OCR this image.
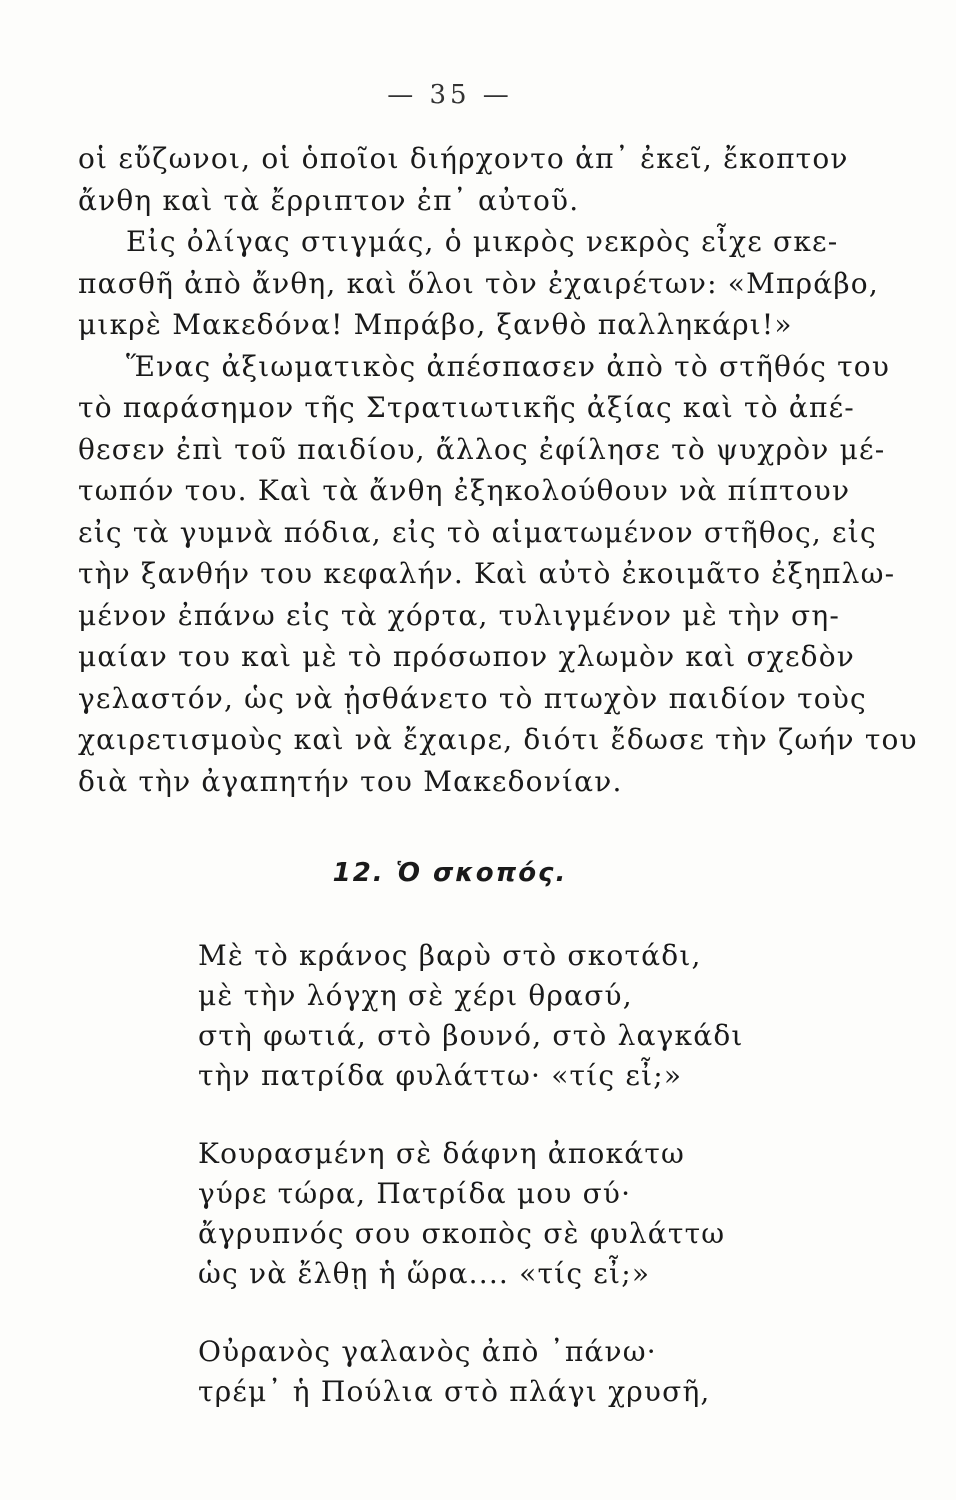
— 35 —
οἱ εὔζωνοι, οἱ ὁποῖοι διήρχοντο ἀπ᾽ ἐκεῖ, ἔκοπτον
ἄνθη καὶ τὰ ἔρριπτον ἐπ᾽ αὐτοῦ.
Εἰς ὀλίγας στιγμάς, ὁ μικρὸς νεκρὸς εἶχε σκε-
πασθῆ ἀπὸ ἄνθη, καὶ ὅλοι τὸν ἐχαιρέτων: «Μπράβο,
μικρὲ Μακεδόνα! Μπράβο, ξανθὸ παλληκάρι!»
Ἕνας ἀξιωματικὸς ἀπέσπασεν ἀπὸ τὸ στῆθός του
τὸ παράσημον τῆς Στρατιωτικῆς ἀξίας καὶ τὸ ἀπέ-
θεσεν ἐπὶ τοῦ παιδίου, ἄλλος ἐφίλησε τὸ ψυχρὸν μέ-
τωπόν του. Καὶ τὰ ἄνθη ἐξηκολούθουν νὰ πίπτουν
εἰς τὰ γυμνὰ πόδια, εἰς τὸ αἱματωμένον στῆθος, εἰς
τὴν ξανθήν του κεφαλήν. Καὶ αὐτὸ ἐκοιμᾶτο ἐξηπλω-
μένον ἐπάνω εἰς τὰ χόρτα, τυλιγμένον μὲ τὴν ση-
μαίαν του καὶ μὲ τὸ πρόσωπον χλωμὸν καὶ σχεδὸν
γελαστόν, ὡς νὰ ᾐσθάνετο τὸ πτωχὸν παιδίον τοὺς
χαιρετισμοὺς καὶ νὰ ἔχαιρε, διότι ἔδωσε τὴν ζωήν του
διὰ τὴν ἀγαπητήν του Μακεδονίαν.
12. Ὁ σκοπός.
Μὲ τὸ κράνος βαρὺ στὸ σκοτάδι,
μὲ τὴν λόγχη σὲ χέρι θρασύ,
στὴ φωτιά, στὸ βουνό, στὸ λαγκάδι
τὴν πατρίδα φυλάττω· «τίς εἶ;»
Κουρασμένη σὲ δάφνη ἀποκάτω
γύρε τώρα, Πατρίδα μου σύ·
ἄγρυπνός σου σκοπὸς σὲ φυλάττω
ὡς νὰ ἔλθῃ ἡ ὥρα.... «τίς εἶ;»
Οὐρανὸς γαλανὸς ἀπὸ ᾿πάνω·
τρέμ᾽ ἡ Πούλια στὸ πλάγι χρυσῆ,
